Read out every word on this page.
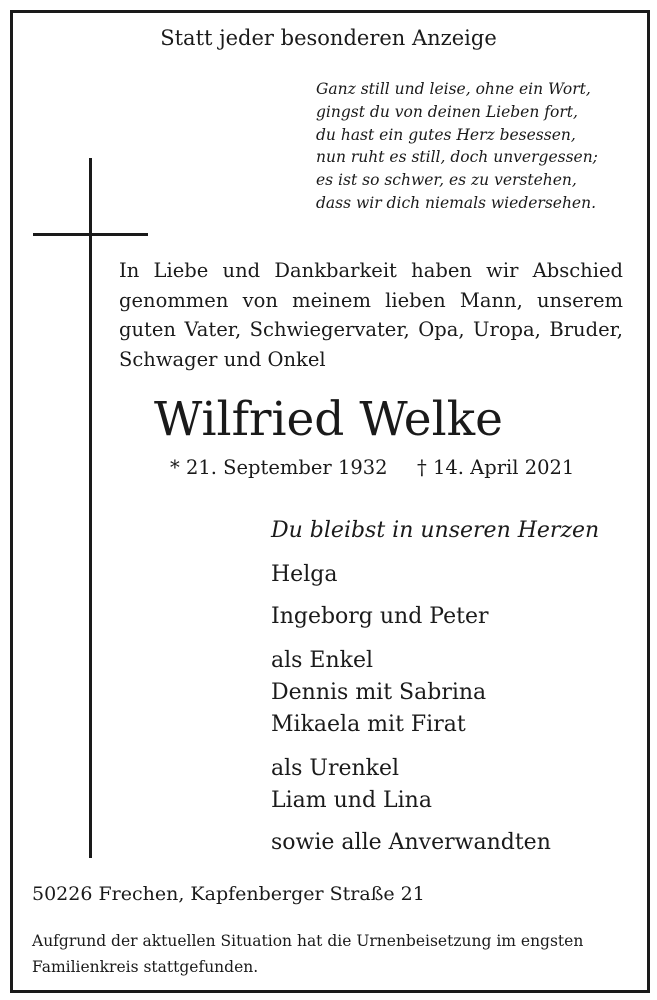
Statt jeder besonderen Anzeige
Ganz still und leise, ohne ein Wort,
gingst du von deinen Lieben fort,
du hast ein gutes Herz besessen,
nun ruht es still, doch unvergessen;
es ist so schwer, es zu verstehen,
dass wir dich niemals wiedersehen.
In Liebe und Dankbarkeit haben wir Abschied
genommen von meinem lieben Mann, unserem
guten Vater, Schwiegervater, Opa, Uropa, Bruder,
Schwager und Onkel
Wilfried Welke
* 21. September 1932 † 14. April 2021
Du bleibst in unseren Herzen
Helga
Ingeborg und Peter
als Enkel
Dennis mit Sabrina
Mikaela mit Firat
als Urenkel
Liam und Lina
sowie alle Anverwandten
50226 Frechen, Kapfenberger Straße 21
Aufgrund der aktuellen Situation hat die Urnenbeisetzung im engsten Familienkreis stattgefunden.
